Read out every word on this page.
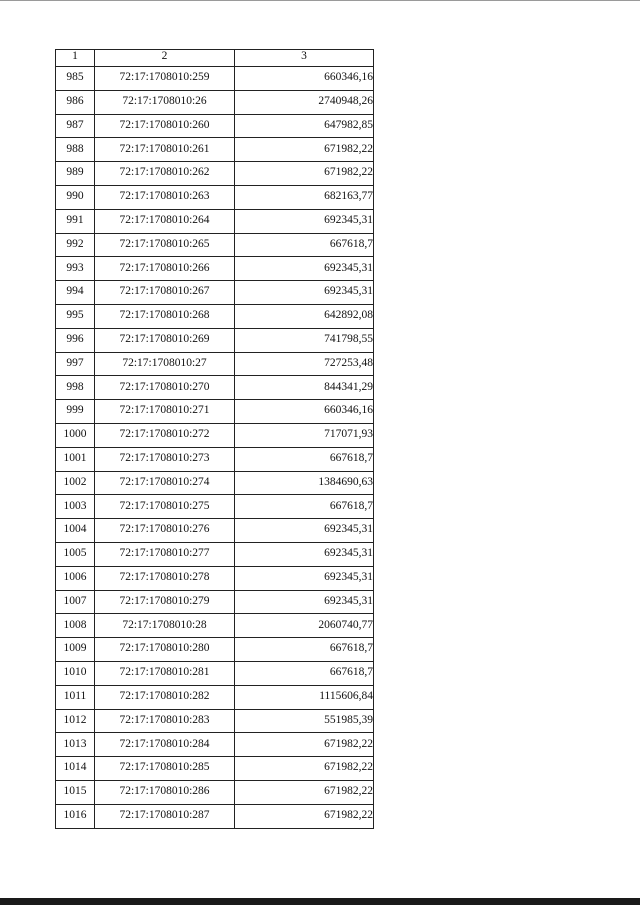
1	2	3
985	72:17:1708010:259	660346,16
986	72:17:1708010:26	2740948,26
987	72:17:1708010:260	647982,85
988	72:17:1708010:261	671982,22
989	72:17:1708010:262	671982,22
990	72:17:1708010:263	682163,77
991	72:17:1708010:264	692345,31
992	72:17:1708010:265	667618,7
993	72:17:1708010:266	692345,31
994	72:17:1708010:267	692345,31
995	72:17:1708010:268	642892,08
996	72:17:1708010:269	741798,55
997	72:17:1708010:27	727253,48
998	72:17:1708010:270	844341,29
999	72:17:1708010:271	660346,16
1000	72:17:1708010:272	717071,93
1001	72:17:1708010:273	667618,7
1002	72:17:1708010:274	1384690,63
1003	72:17:1708010:275	667618,7
1004	72:17:1708010:276	692345,31
1005	72:17:1708010:277	692345,31
1006	72:17:1708010:278	692345,31
1007	72:17:1708010:279	692345,31
1008	72:17:1708010:28	2060740,77
1009	72:17:1708010:280	667618,7
1010	72:17:1708010:281	667618,7
1011	72:17:1708010:282	1115606,84
1012	72:17:1708010:283	551985,39
1013	72:17:1708010:284	671982,22
1014	72:17:1708010:285	671982,22
1015	72:17:1708010:286	671982,22
1016	72:17:1708010:287	671982,22
